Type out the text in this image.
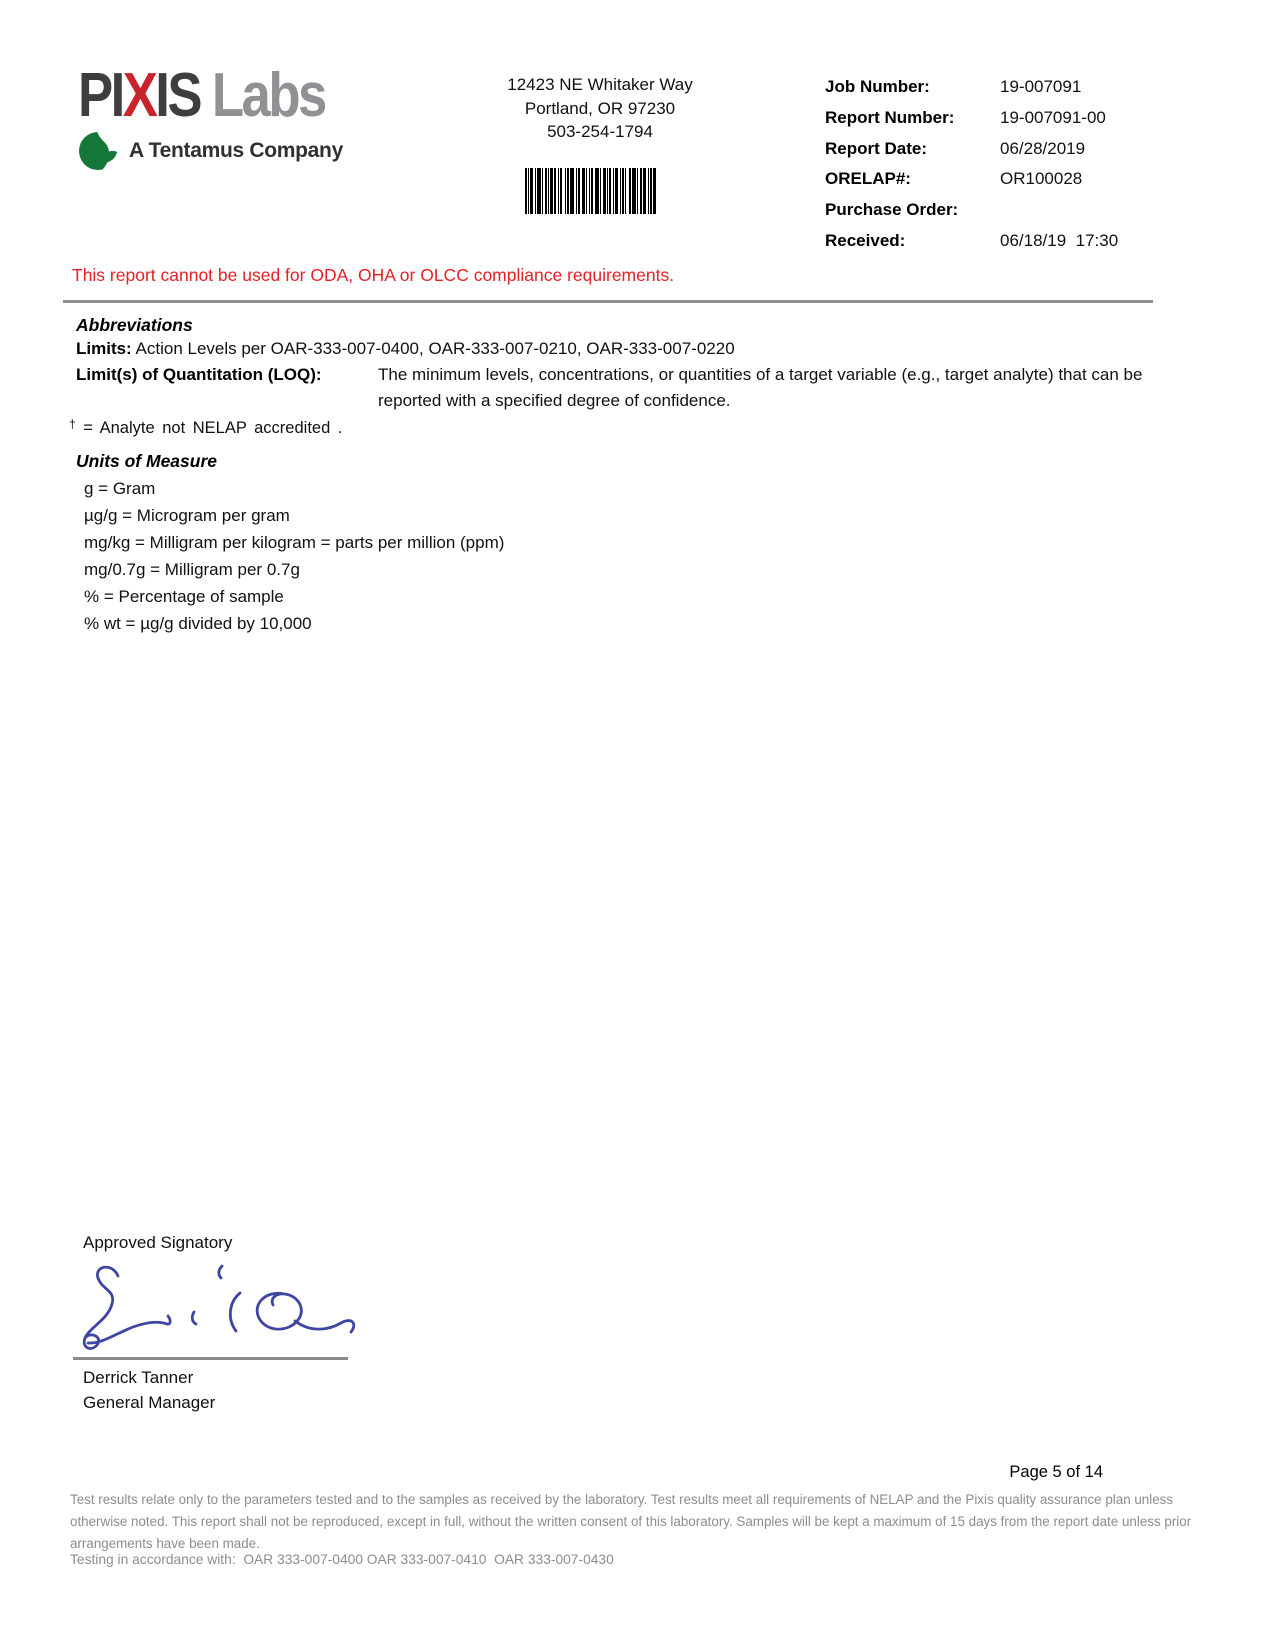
PIXIS Labs
A Tentamus Company
12423 NE Whitaker Way
Portland, OR 97230
503-254-1794
Job Number:	19-007091
Report Number:	19-007091-00
Report Date:	06/28/2019
ORELAP#:	OR100028
Purchase Order:
Received:	06/18/19  17:30
This report cannot be used for ODA, OHA or OLCC compliance requirements.
Abbreviations
Limits: Action Levels per OAR-333-007-0400, OAR-333-007-0210, OAR-333-007-0220
Limit(s) of Quantitation (LOQ):	The minimum levels, concentrations, or quantities of a target variable (e.g., target analyte) that can be
reported with a specified degree of confidence.
† = Analyte not NELAP accredited .
Units of Measure
g = Gram
µg/g = Microgram per gram
mg/kg = Milligram per kilogram = parts per million (ppm)
mg/0.7g = Milligram per 0.7g
% = Percentage of sample
% wt = µg/g divided by 10,000
Approved Signatory
Derrick Tanner
General Manager
Page 5 of 14
Test results relate only to the parameters tested and to the samples as received by the laboratory. Test results meet all requirements of NELAP and the Pixis quality assurance plan unless
otherwise noted. This report shall not be reproduced, except in full, without the written consent of this laboratory. Samples will be kept a maximum of 15 days from the report date unless prior
arrangements have been made.
Testing in accordance with:  OAR 333-007-0400 OAR 333-007-0410  OAR 333-007-0430
